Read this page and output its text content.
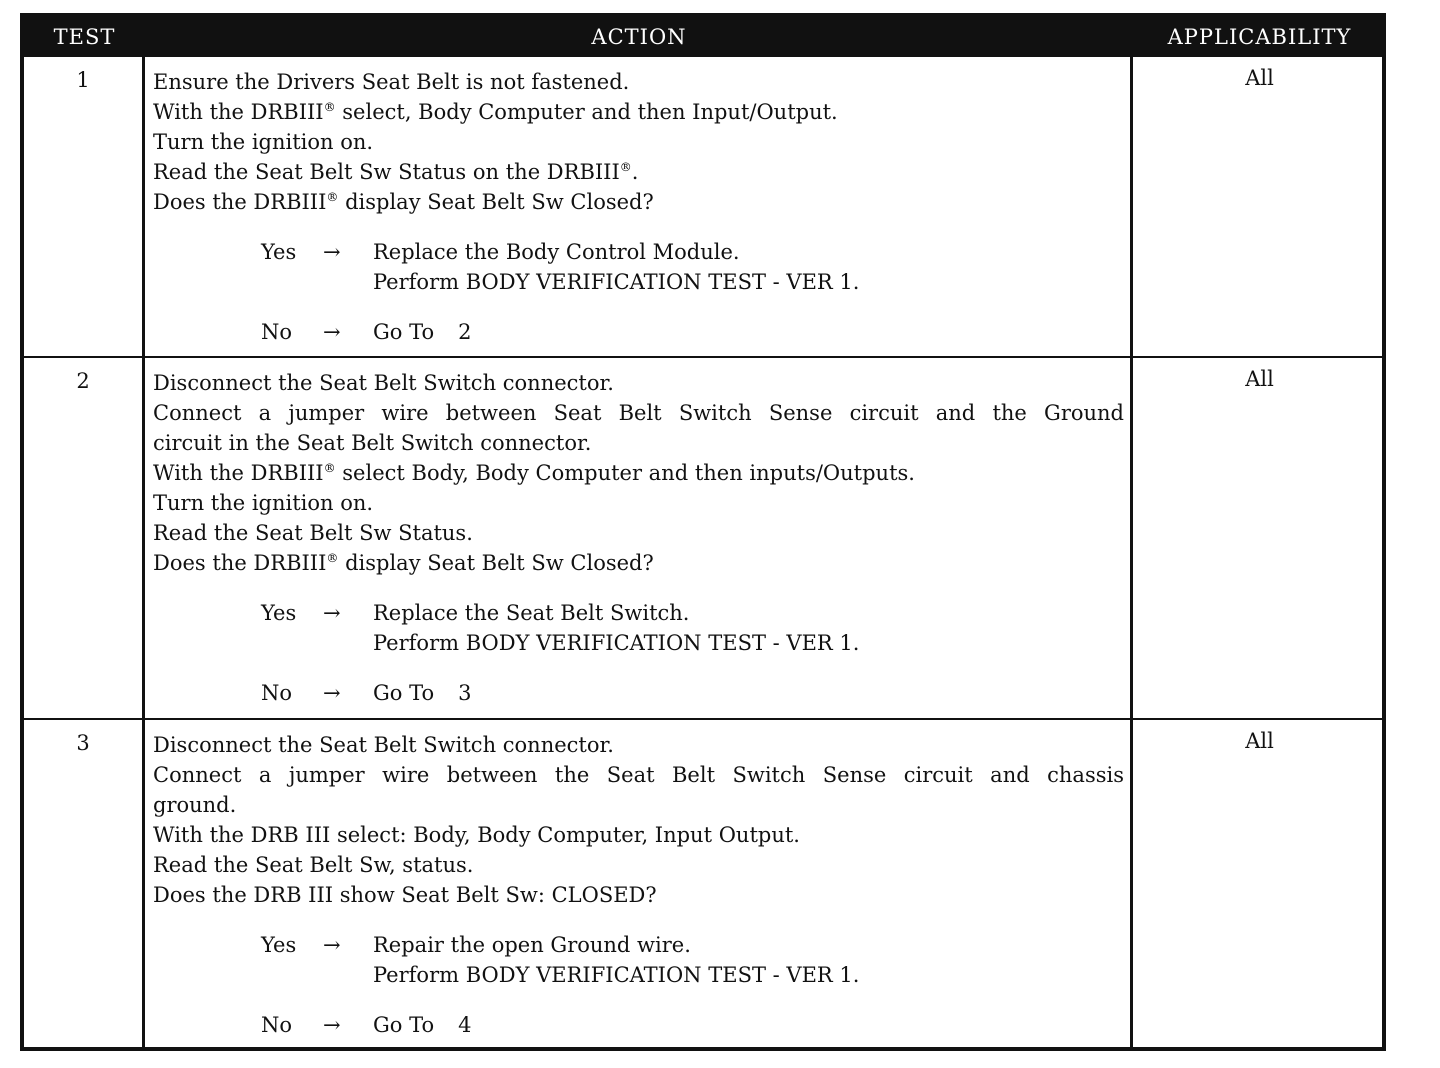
TEST	ACTION	APPLICABILITY
1	Ensure the Drivers Seat Belt is not fastened.
With the DRBIII® select, Body Computer and then Input/Output.
Turn the ignition on.
Read the Seat Belt Sw Status on the DRBIII®.
Does the DRBIII® display Seat Belt Sw Closed?
Yes	→	Replace the Body Control Module.
Perform BODY VERIFICATION TEST - VER 1.
No	→	Go To 2
All
2	Disconnect the Seat Belt Switch connector.
Connect a jumper wire between Seat Belt Switch Sense circuit and the Ground
circuit in the Seat Belt Switch connector.
With the DRBIII® select Body, Body Computer and then inputs/Outputs.
Turn the ignition on.
Read the Seat Belt Sw Status.
Does the DRBIII® display Seat Belt Sw Closed?
Yes	→	Replace the Seat Belt Switch.
Perform BODY VERIFICATION TEST - VER 1.
No	→	Go To 3
All
3	Disconnect the Seat Belt Switch connector.
Connect a jumper wire between the Seat Belt Switch Sense circuit and chassis
ground.
With the DRB III select: Body, Body Computer, Input Output.
Read the Seat Belt Sw, status.
Does the DRB III show Seat Belt Sw: CLOSED?
Yes	→	Repair the open Ground wire.
Perform BODY VERIFICATION TEST - VER 1.
No	→	Go To 4
All
